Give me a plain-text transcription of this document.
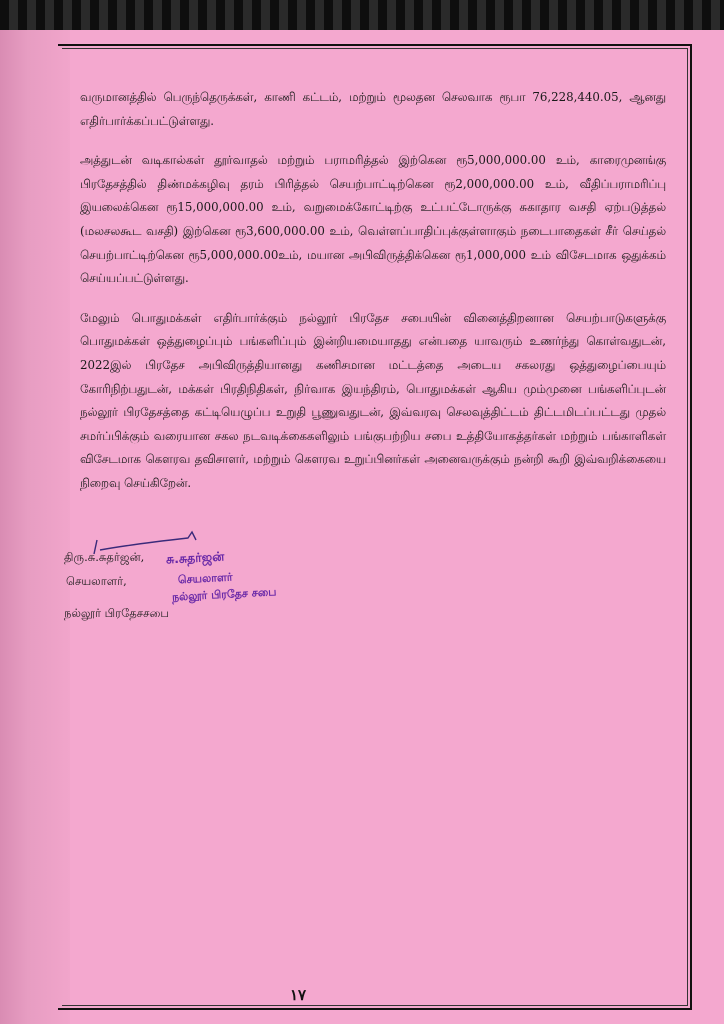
வருமானத்தில் பெருந்தெருக்கள், காணி கட்டம், மற்றும் மூலதன செலவாக ரூபா 76,228,440.05, ஆனது எதிர்பார்க்கப்பட்டுள்ளது.

அத்துடன் வடிகால்கள் தூர்வாதல் மற்றும் பராமரித்தல் இற்கென ரூ5,000,000.00 உம், காரைமுனங்கு பிரதேசத்தில் திண்மக்கழிவு தரம் பிரித்தல் செயற்பாட்டிற்கென ரூ2,000,000.00 உம், வீதிப்பராமரிப்பு இயலைக்கென ரூ15,000,000.00 உம், வறுமைக்கோட்டிற்கு உட்பட்டோருக்கு சுகாதார வசதி ஏற்படுத்தல் (மலசலகூட வசதி) இற்கென ரூ3,600,000.00 உம், வெள்ளப்பாதிப்புக்குள்ளாகும் நடைபாதைகள் சீர் செய்தல் செயற்பாட்டிற்கென ரூ5,000,000.00உம், மயான அபிவிருத்திக்கென ரூ1,000,000 உம் விசேடமாக ஒதுக்கம் செய்யப்பட்டுள்ளது.

மேலும் பொதுமக்கள் எதிர்பார்க்கும் நல்லூர் பிரதேச சபையின் வினைத்திறனான செயற்பாடுகளுக்கு பொதுமக்கள் ஒத்துழைப்பும் பங்களிப்பும் இன்றியமையாதது என்பதை யாவரும் உணர்ந்து கொள்வதுடன், 2022இல் பிரதேச அபிவிருத்தியானது கணிசமான மட்டத்தை அடைய சகலரது ஒத்துழைப்பையும் கோரிநிற்பதுடன், மக்கள் பிரதிநிதிகள், நிர்வாக இயந்திரம், பொதுமக்கள் ஆகிய மும்முனை பங்களிப்புடன் நல்லூர் பிரதேசத்தை கட்டியெழுப்ப உறுதி பூணுவதுடன், இவ்வரவு செலவுத்திட்டம் திட்டமிடப்பட்டது முதல் சமர்ப்பிக்கும் வரையான சகல நடவடிக்கைகளிலும் பங்குபற்றிய சபை உத்தியோகத்தர்கள் மற்றும் பங்காளிகள் விசேடமாக கௌரவ தவிசாளர், மற்றும் கௌரவ உறுப்பினர்கள் அனைவருக்கும் நன்றி கூறி இவ்வறிக்கையை நிறைவு செய்கிறேன்.

திரு.சு.சுதர்ஜன்,
செயலாளர்,
நல்லூர் பிரதேசசபை
சு.சுதர்ஜன்
செயலாளர்
நல்லூர் பிரதேச சபை
١٧
